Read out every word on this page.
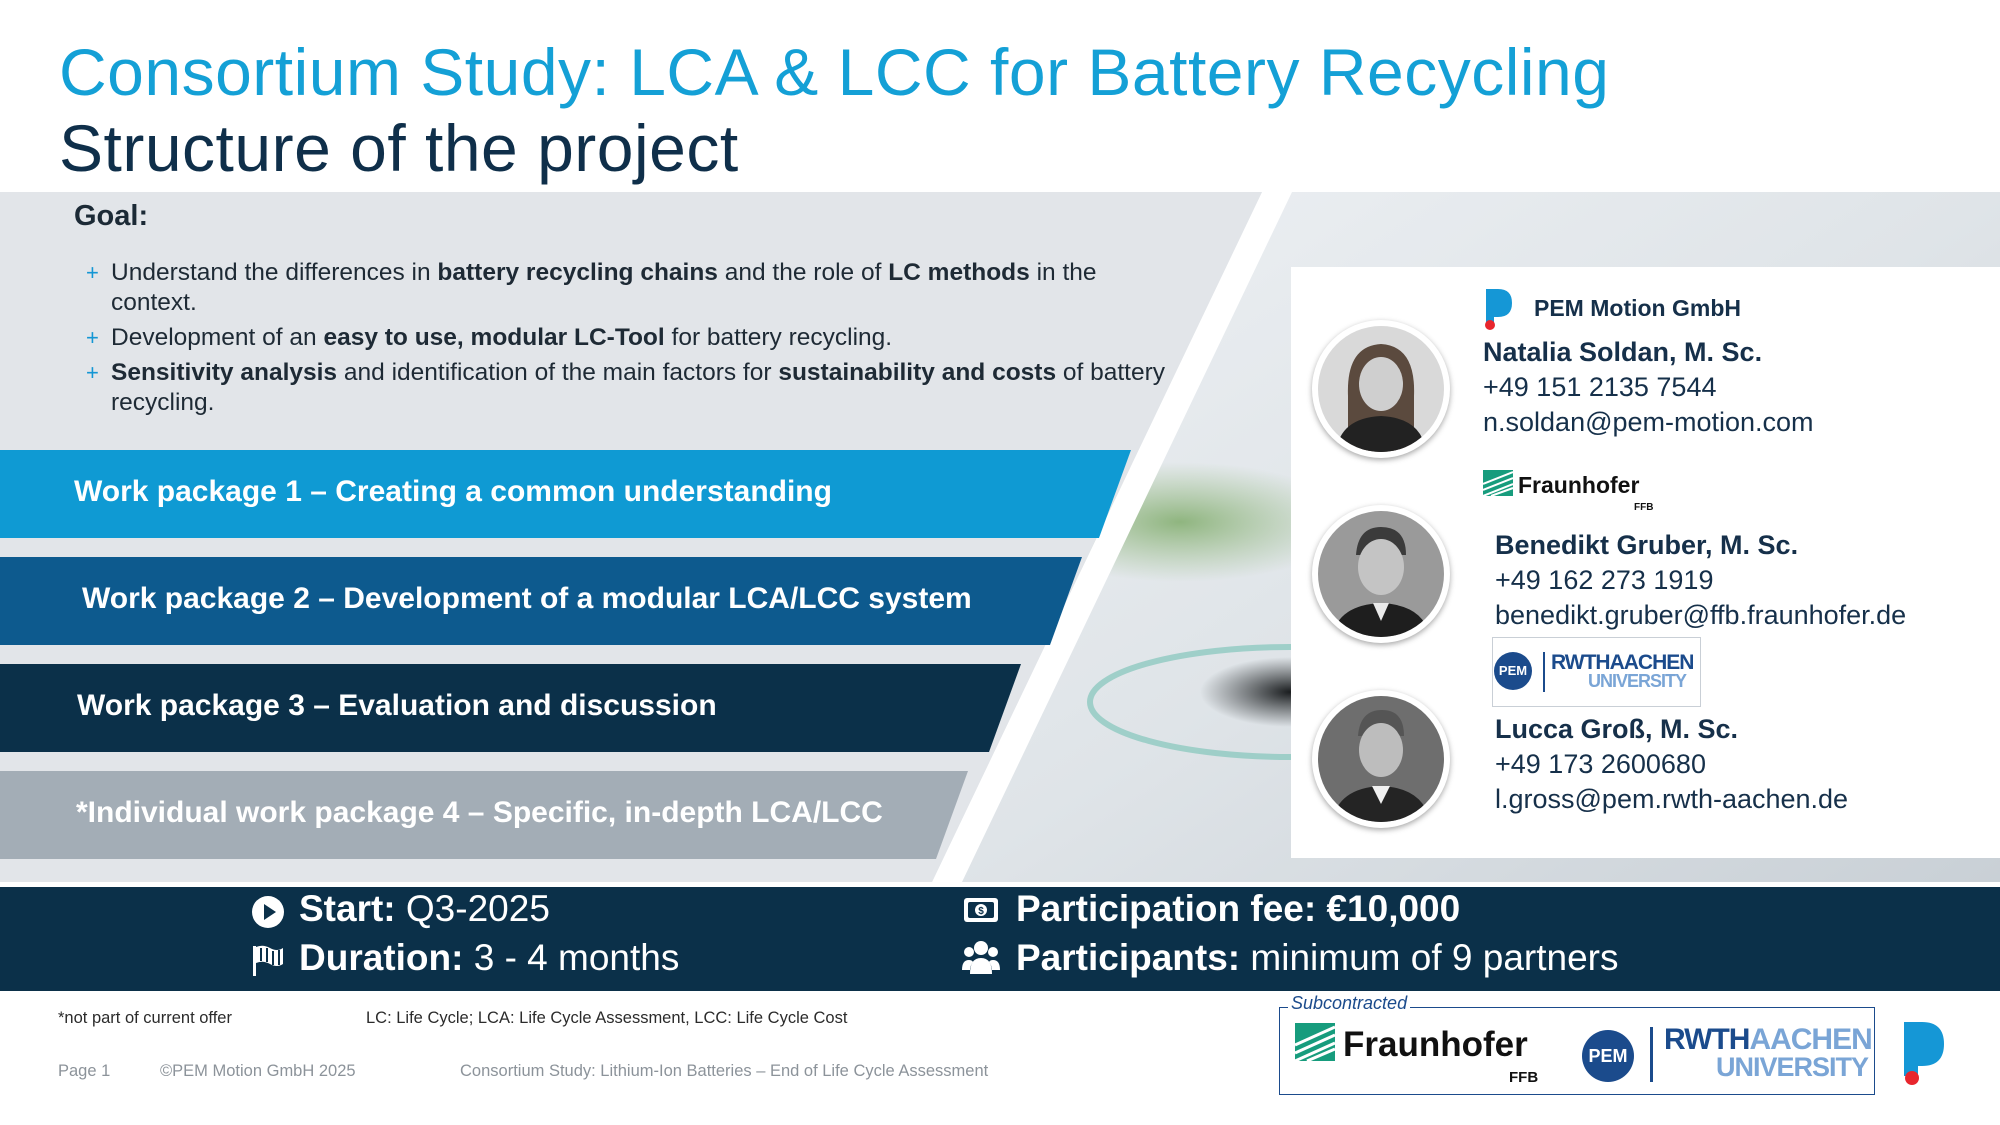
Consortium Study: LCA & LCC for Battery Recycling
Structure of the project
Goal:
+ Understand the differences in battery recycling chains and the role of LC methods in the context.
+ Development of an easy to use, modular LC-Tool for battery recycling.
+ Sensitivity analysis and identification of the main factors for sustainability and costs of battery recycling.
Work package 1 – Creating a common understanding
Work package 2 – Development of a modular LCA/LCC system
Work package 3 – Evaluation and discussion
*Individual work package 4 – Specific, in-depth LCA/LCC
PEM Motion GmbH
Natalia Soldan, M. Sc.
+49 151 2135 7544
n.soldan@pem-motion.com
Fraunhofer
FFB
Benedikt Gruber, M. Sc.
+49 162 273 1919
benedikt.gruber@ffb.fraunhofer.de
PEM RWTHAACHEN
UNIVERSITY
Lucca Groß, M. Sc.
+49 173 2600680
l.gross@pem.rwth-aachen.de
Start: Q3-2025
Duration: 3 - 4 months
$ Participation fee: €10,000
Participants: minimum of 9 partners
*not part of current offer	LC: Life Cycle; LCA: Life Cycle Assessment, LCC: Life Cycle Cost
Page 1	©PEM Motion GmbH 2025	Consortium Study: Lithium-Ion Batteries – End of Life Cycle Assessment
Subcontracted
Fraunhofer
FFB
PEM RWTHAACHEN
UNIVERSITY
